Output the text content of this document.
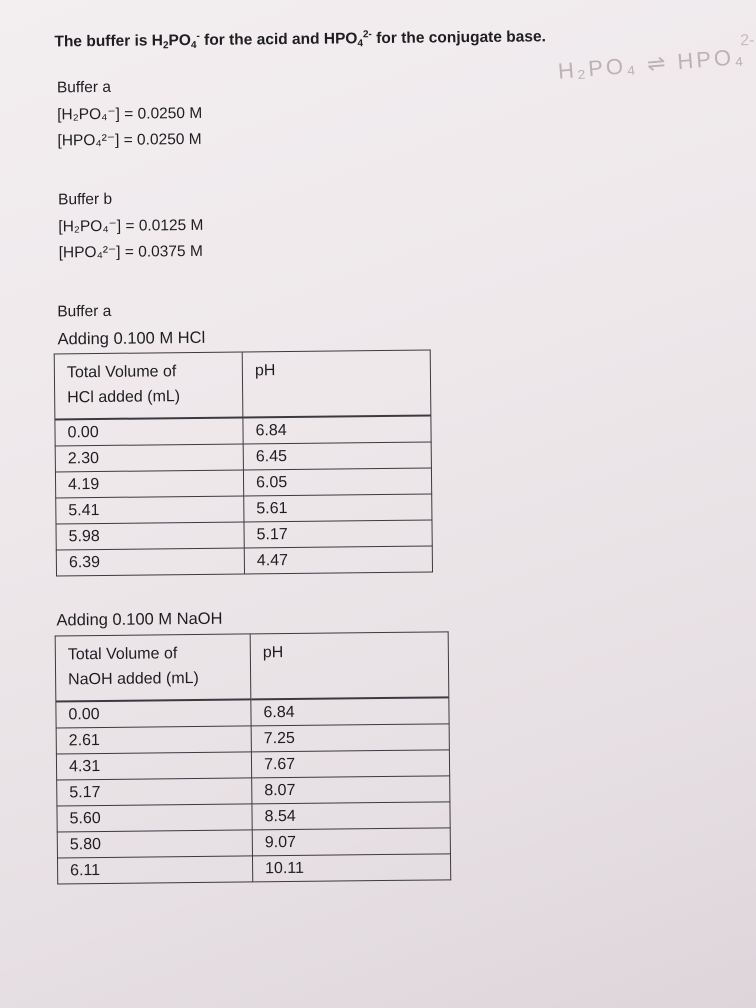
The buffer is $H_2PO_4^-$ for the acid and $HPO_4^{2-}$ for the conjugate base.
H₂PO₄ ⇌ HPO₄
2-
Buffer a
[H₂PO₄⁻] = 0.0250 M
[HPO₄²⁻] = 0.0250 M
Buffer b
[H₂PO₄⁻] = 0.0125 M
[HPO₄²⁻] = 0.0375 M
Buffer a
Adding 0.100 M HCl
Total Volume of
HCl added (mL)	pH
0.00	6.84
2.30	6.45
4.19	6.05
5.41	5.61
5.98	5.17
6.39	4.47
Adding 0.100 M NaOH
Total Volume of
NaOH added (mL)	pH
0.00	6.84
2.61	7.25
4.31	7.67
5.17	8.07
5.60	8.54
5.80	9.07
6.11	10.11
